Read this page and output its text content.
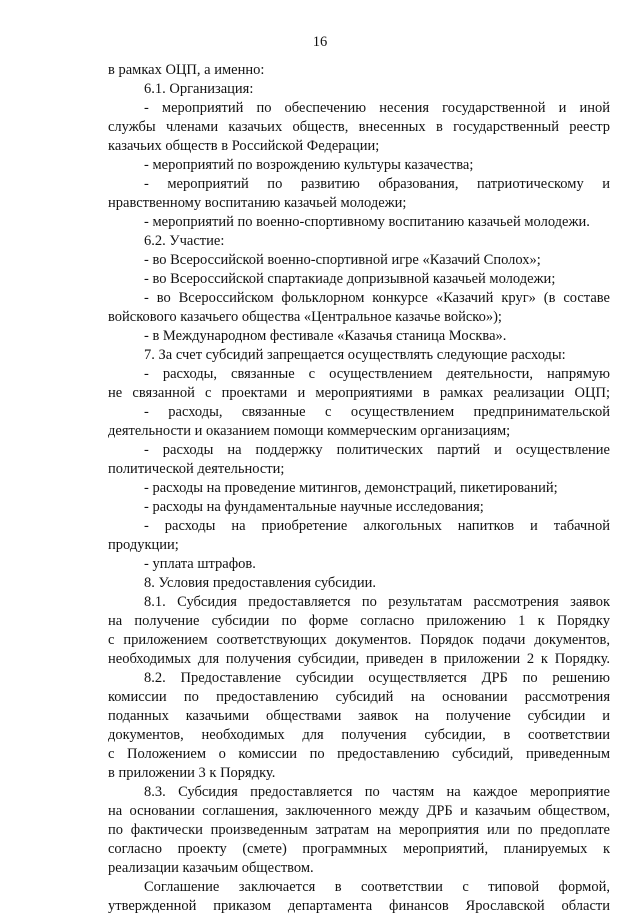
16
в рамках ОЦП, а именно:
6.1. Организация:
- мероприятий по обеспечению несения государственной и иной
службы членами казачьих обществ, внесенных в государственный реестр
казачьих обществ в Российской Федерации;
- мероприятий по возрождению культуры казачества;
- мероприятий по развитию образования, патриотическому и
нравственному воспитанию казачьей молодежи;
- мероприятий по военно-спортивному воспитанию казачьей молодежи.
6.2. Участие:
- во Всероссийской военно-спортивной игре «Казачий Сполох»;
- во Всероссийской спартакиаде допризывной казачьей молодежи;
- во Всероссийском фольклорном конкурсе «Казачий круг» (в составе
войскового казачьего общества «Центральное казачье войско»);
- в Международном фестивале «Казачья станица Москва».
7. За счет субсидий запрещается осуществлять следующие расходы:
- расходы, связанные с осуществлением деятельности, напрямую
не связанной с проектами и мероприятиями в рамках реализации ОЦП;
- расходы, связанные с осуществлением предпринимательской
деятельности и оказанием помощи коммерческим организациям;
- расходы на поддержку политических партий и осуществление
политической деятельности;
- расходы на проведение митингов, демонстраций, пикетирований;
- расходы на фундаментальные научные исследования;
- расходы на приобретение алкогольных напитков и табачной
продукции;
- уплата штрафов.
8. Условия предоставления субсидии.
8.1. Субсидия предоставляется по результатам рассмотрения заявок
на получение субсидии по форме согласно приложению 1 к Порядку
с приложением соответствующих документов. Порядок подачи документов,
необходимых для получения субсидии, приведен в приложении 2 к Порядку.
8.2. Предоставление субсидии осуществляется ДРБ по решению
комиссии по предоставлению субсидий на основании рассмотрения
поданных казачьими обществами заявок на получение субсидии и
документов, необходимых для получения субсидии, в соответствии
с Положением о комиссии по предоставлению субсидий, приведенным
в приложении 3 к Порядку.
8.3. Субсидия предоставляется по частям на каждое мероприятие
на основании соглашения, заключенного между ДРБ и казачьим обществом,
по фактически произведенным затратам на мероприятия или по предоплате
согласно проекту (смете) программных мероприятий, планируемых к
реализации казачьим обществом.
Соглашение заключается в соответствии с типовой формой,
утвержденной приказом департамента финансов Ярославской области
